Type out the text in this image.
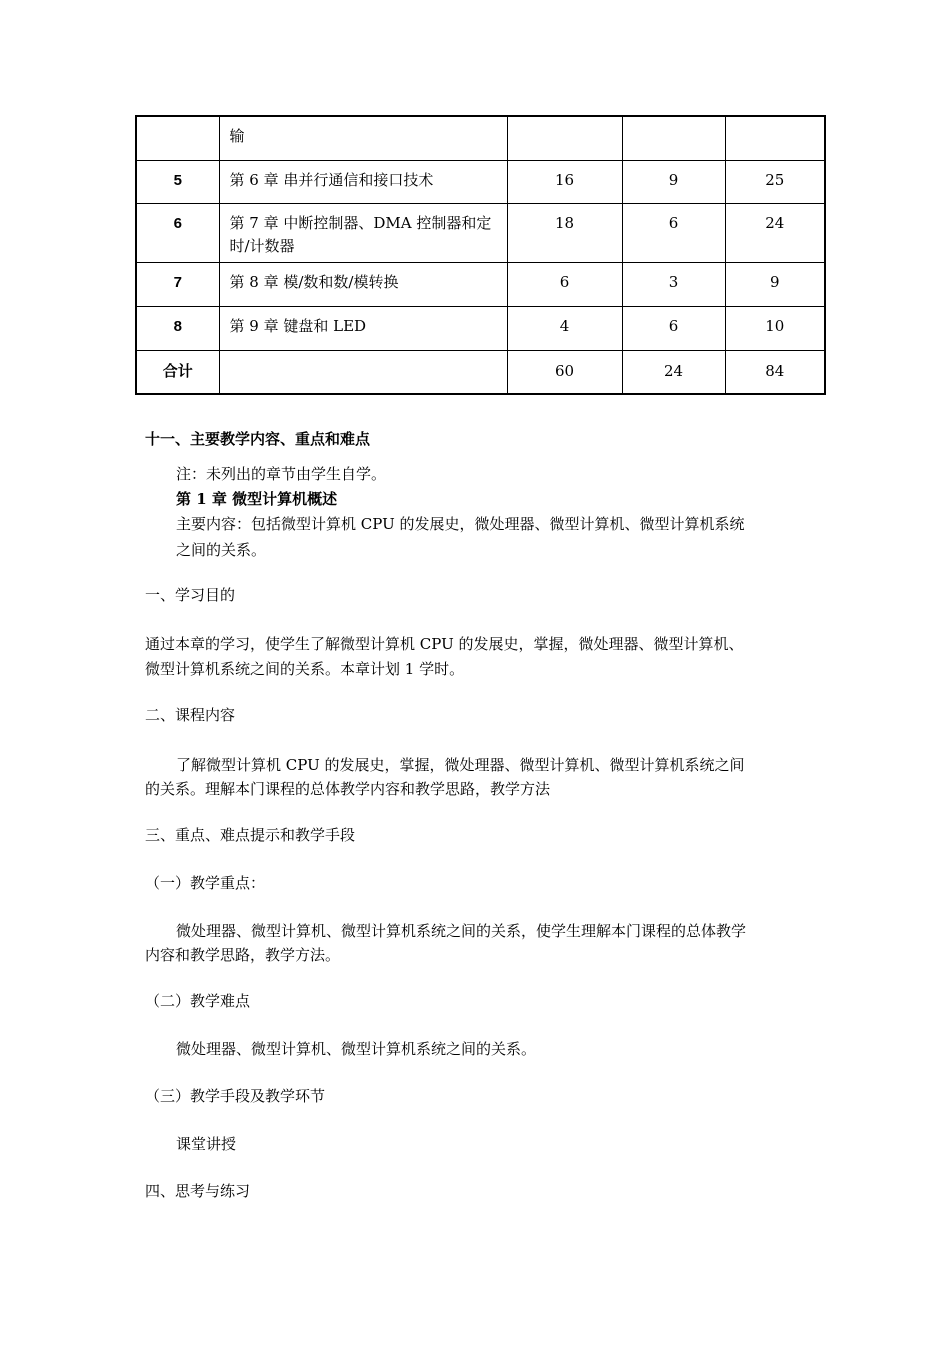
	输			
5	第 6 章 串并行通信和接口技术	16	9	25
6	第 7 章 中断控制器、DMA 控制器和定时/计数器	18	6	24
7	第 8 章 模/数和数/模转换	6	3	9
8	第 9 章 键盘和 LED	4	6	10
合计		60	24	84
十一、主要教学内容、重点和难点
注：未列出的章节由学生自学。
第 1 章 微型计算机概述
主要内容：包括微型计算机 CPU 的发展史，微处理器、微型计算机、微型计算机系统
之间的关系。
一、学习目的
通过本章的学习，使学生了解微型计算机 CPU 的发展史，掌握，微处理器、微型计算机、
微型计算机系统之间的关系。本章计划 1 学时。
二、课程内容
了解微型计算机 CPU 的发展史，掌握，微处理器、微型计算机、微型计算机系统之间
的关系。理解本门课程的总体教学内容和教学思路，教学方法
三、重点、难点提示和教学手段
（一）教学重点：
微处理器、微型计算机、微型计算机系统之间的关系，使学生理解本门课程的总体教学
内容和教学思路，教学方法。
（二）教学难点
微处理器、微型计算机、微型计算机系统之间的关系。
（三）教学手段及教学环节
课堂讲授
四、思考与练习
